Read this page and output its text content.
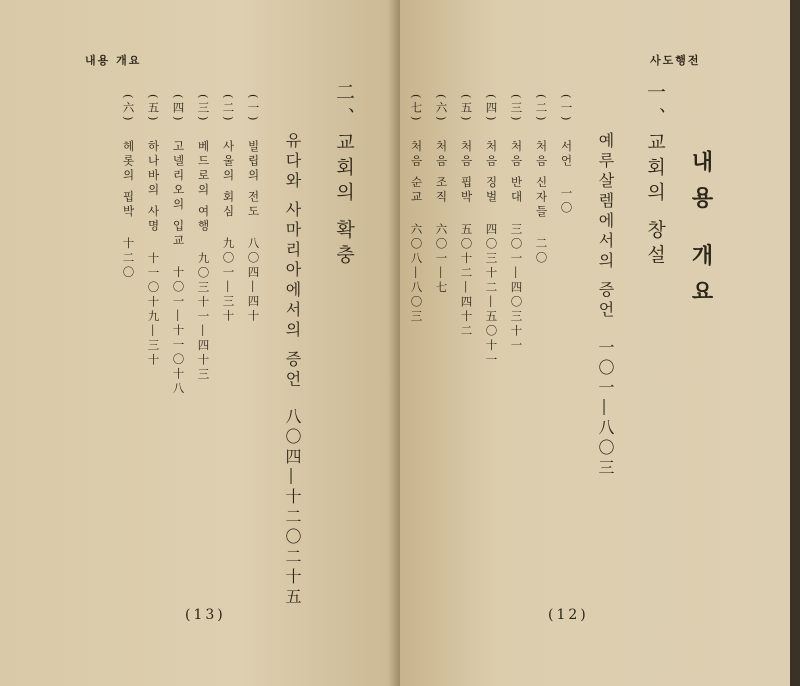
내용 개요
二、교회의 확충
유다와 사마리아에서의 증언八〇四―十二〇二十五
(一) 빌립의 전도八〇四―四十
(二) 사울의 회심九〇一―三十
(三) 베드로의 여행九〇三十一―四十三
(四) 고넬리오의 입교十〇一―十一〇十八
(五) 하나바의 사명十一〇十九―三十
(六) 헤롯의 핍박十二〇
(13)
사도행전
내용 개요
一、교회의 창설
예루살렘에서의 증언一〇一―八〇三
(一) 서언一〇
(二) 처음 신자들二〇
(三) 처음 반대三〇一―四〇三十一
(四) 처음 징벌四〇三十二―五〇十一
(五) 처음 핍박五〇十二―四十二
(六) 처음 조직六〇一―七
(七) 처음 순교六〇八―八〇三
(12)
